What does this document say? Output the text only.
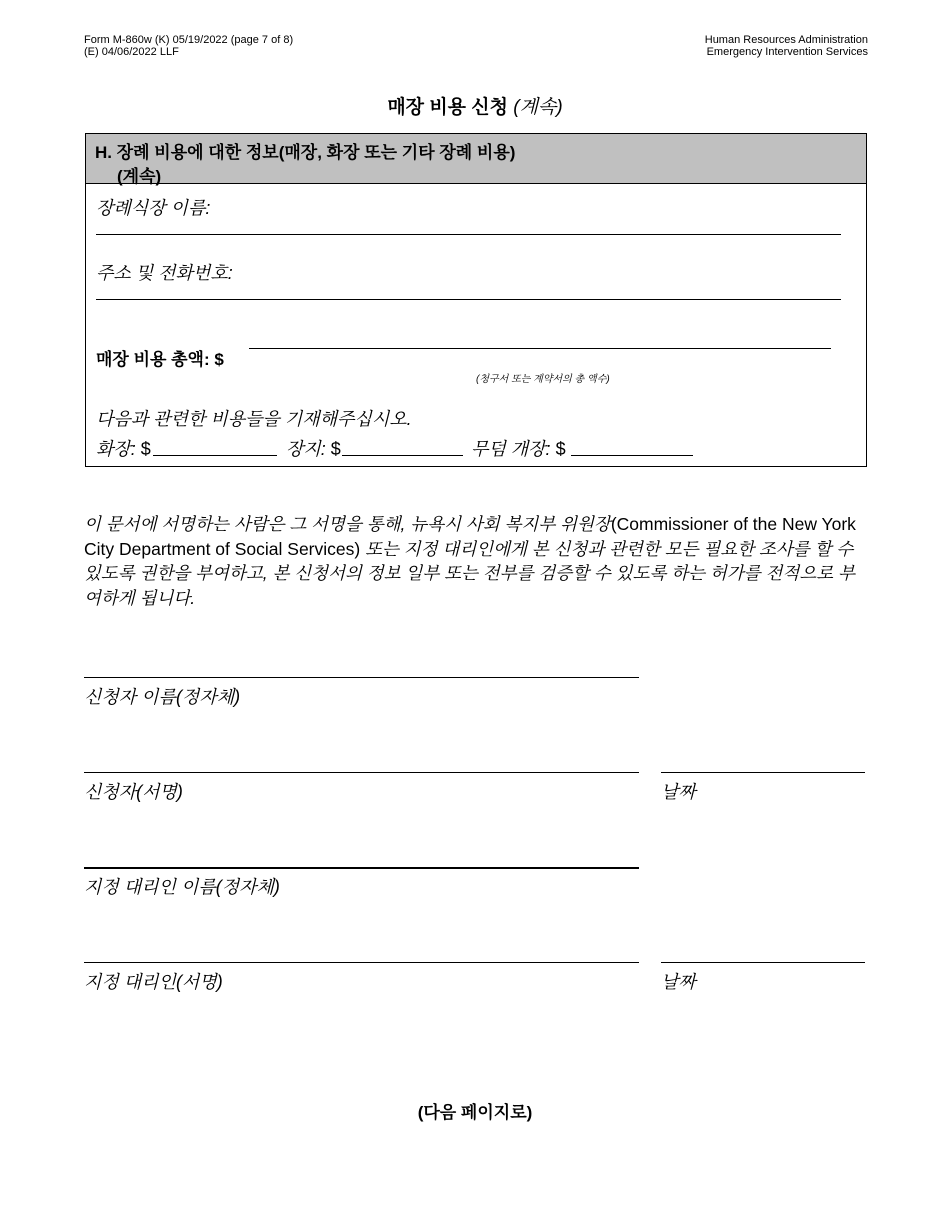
Form M-860w (K) 05/19/2022 (page 7 of 8)
(E) 04/06/2022 LLF
Human Resources Administration
Emergency Intervention Services
매장 비용 신청 (계속)
H. 장례 비용에 대한 정보(매장, 화장 또는 기타 장례 비용)
(계속)
장례식장 이름:
주소 및 전화번호:
매장 비용 총액: $
(청구서 또는 계약서의 총 액수)
다음과 관련한 비용들을 기재해주십시오.
화장: $	장지: $	무덤 개장: $
이 문서에 서명하는 사람은 그 서명을 통해, 뉴욕시 사회 복지부 위원장(Commissioner of the New York City Department of Social Services) 또는 지정 대리인에게 본 신청과 관련한 모든 필요한 조사를 할 수 있도록 권한을 부여하고, 본 신청서의 정보 일부 또는 전부를 검증할 수 있도록 하는 허가를 전적으로 부여하게 됩니다.
신청자 이름(정자체)
신청자(서명)	날짜
지정 대리인 이름(정자체)
지정 대리인(서명)	날짜
(다음 페이지로)
